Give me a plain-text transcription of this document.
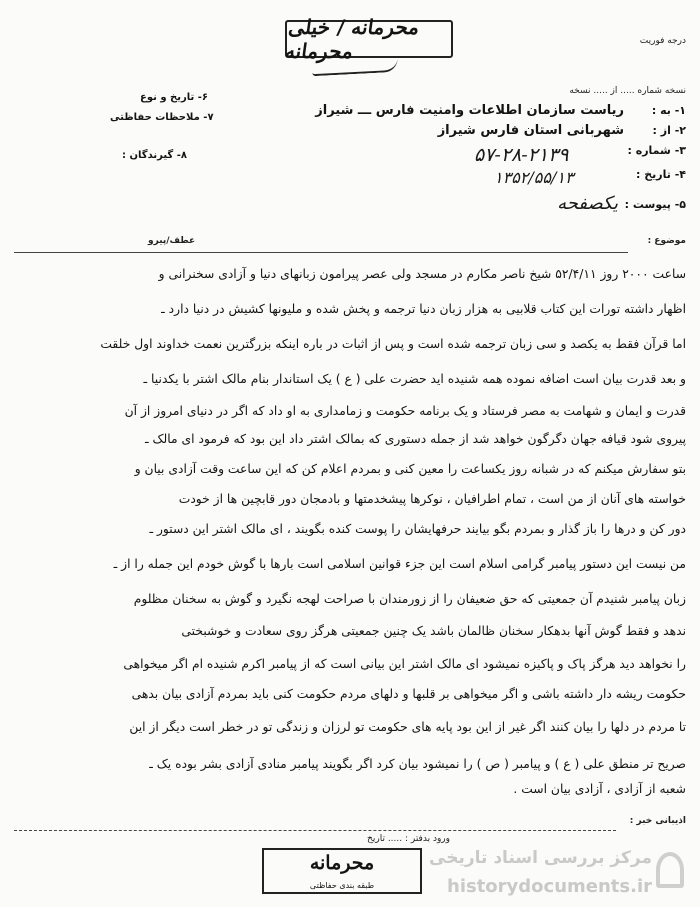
محرمانه / خیلی محرمانه	درجه فوریت
نسخه شماره ..... از ..... نسخه
۱- به :
۲- از :
۳- شماره :
۴- تاریخ :
۵- پیوست :
ریاست سازمان اطلاعات وامنیت فارس ـــ شیراز
شهربانی استان فارس شیراز
۵۷-۲۸-۲۱۳۹
۱۳۵۲/۵۵/۱۳
یکصفحه
۶- تاریخ و نوع
۷- ملاحظات حفاظتی
۸- گیرندگان :
موضوع :
عطف/پیرو
ساعت ۲۰۰۰ روز ۵۲/۴/۱۱ شیخ ناصر مکارم در مسجد ولی عصر پیرامون زبانهای دنیا و آزادی سخنرانی و
اظهار داشته تورات این کتاب قلابیی به هزار زبان دنیا ترجمه و پخش شده و ملیونها کشیش در دنیا دارد ـ
اما قرآن فقط به یکصد و سی زبان ترجمه شده است و پس از اثبات در باره اینکه بزرگترین نعمت خداوند اول خلقت
و بعد قدرت بیان است اضافه نموده همه شنیده اید حضرت علی ( ع ) یک استاندار بنام مالک اشتر با یکدنیا ـ
قدرت و ایمان و شهامت به مصر فرستاد و یک برنامه حکومت و زمامداری به او داد که اگر در دنیای امروز از آن
پیروی شود قیافه جهان دگرگون خواهد شد از جمله دستوری که بمالک اشتر داد این بود که فرمود ای مالک ـ
بتو سفارش میکنم که در شبانه روز یکساعت را معین کنی و بمردم اعلام کن که این ساعت وقت آزادی بیان و
خواسته های آنان از من است ، تمام اطرافیان ، نوکرها پیشخدمتها و بادمجان دور قابچین ها از خودت
دور کن و درها را باز گذار و بمردم بگو بیایند حرفهایشان را پوست کنده بگویند ، ای مالک اشتر این دستور ـ
من نیست این دستور پیامبر گرامی اسلام است این جزء قوانین اسلامی است بارها با گوش خودم این جمله را از ـ
زبان پیامبر شنیدم آن جمعیتی که حق ضعیفان را از زورمندان با صراحت لهجه نگیرد و گوش به سخنان مظلوم
ندهد و فقط گوش آنها بدهکار سخنان ظالمان باشد یک چنین جمعیتی هرگز روی سعادت و خوشبختی
را نخواهد دید هرگز پاک و پاکیزه نمیشود ای مالک اشتر این بیانی است که از پیامبر اکرم شنیده ام اگر میخواهی
حکومت ریشه دار داشته باشی و اگر میخواهی بر قلبها و دلهای مردم حکومت کنی باید بمردم آزادی بیان بدهی
تا مردم در دلها را بیان کنند اگر غیر از این بود پایه های حکومت تو لرزان و زندگی تو در خطر است دیگر از این
صریح تر منطق علی ( ع ) و پیامبر ( ص ) را نمیشود بیان کرد اگر بگویند پیامبر منادی آزادی بشر بوده یک ـ
شعبه از آزادی ، آزادی بیان است .
اذیبانی خبر :
ورود بدفتر : ..... تاریخ
محرمانه
طبقه بندی حفاظتی
مرکز بررسی اسناد تاریخی
historydocuments.ir
